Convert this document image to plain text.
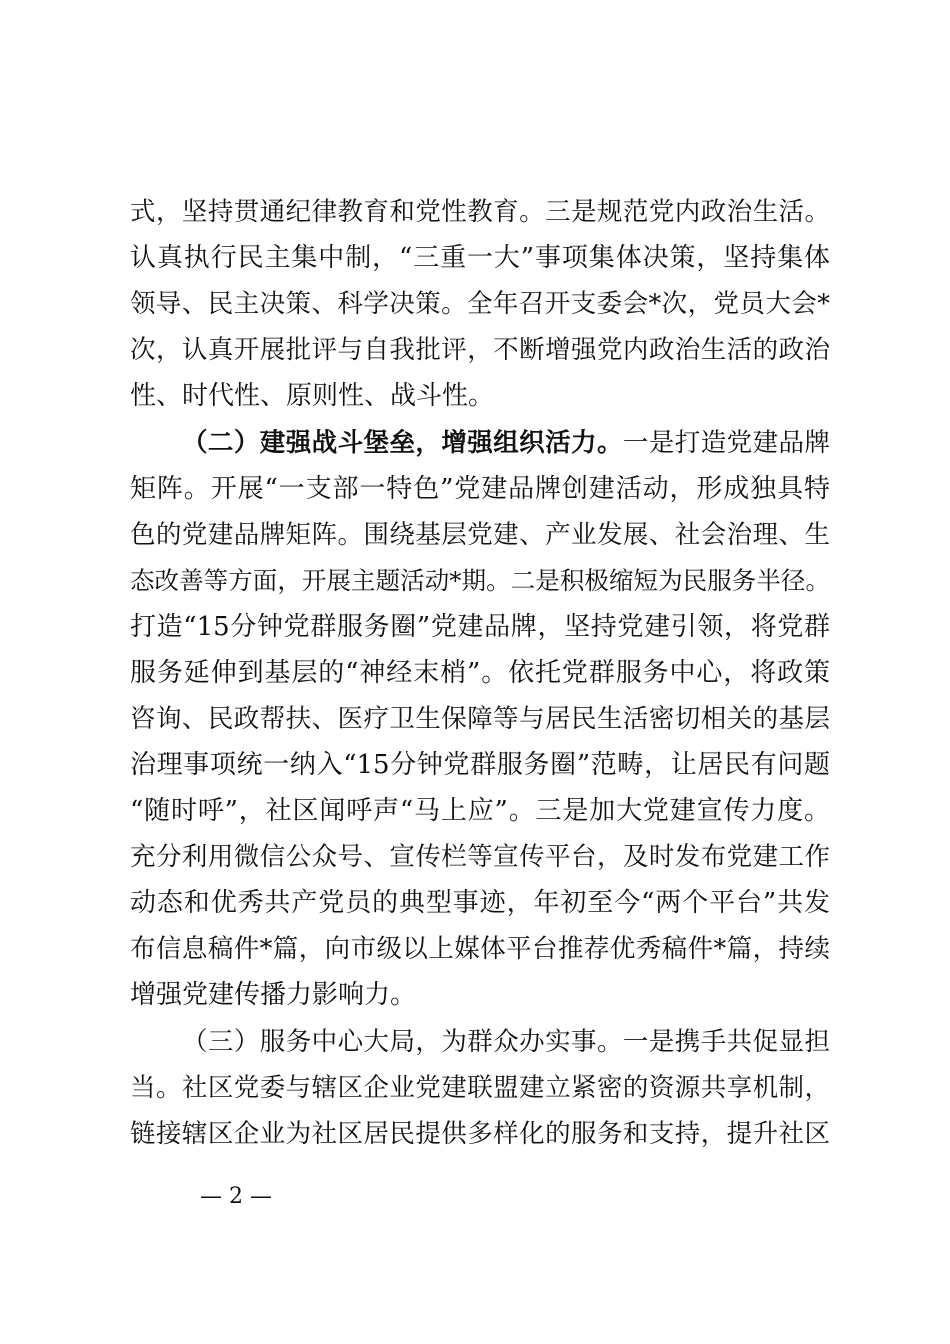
式，坚持贯通纪律教育和党性教育。三是规范党内政治生活。
认真执行民主集中制，“三重一大”事项集体决策，坚持集体
领导、民主决策、科学决策。全年召开支委会*次，党员大会*
次，认真开展批评与自我批评，不断增强党内政治生活的政治
性、时代性、原则性、战斗性。
（二）建强战斗堡垒，增强组织活力。一是打造党建品牌
矩阵。开展“一支部一特色”党建品牌创建活动，形成独具特
色的党建品牌矩阵。围绕基层党建、产业发展、社会治理、生
态改善等方面，开展主题活动*期。二是积极缩短为民服务半径。
打造“15分钟党群服务圈”党建品牌，坚持党建引领，将党群
服务延伸到基层的“神经末梢”。依托党群服务中心，将政策
咨询、民政帮扶、医疗卫生保障等与居民生活密切相关的基层
治理事项统一纳入“15分钟党群服务圈”范畴，让居民有问题
“随时呼”，社区闻呼声“马上应”。三是加大党建宣传力度。
充分利用微信公众号、宣传栏等宣传平台，及时发布党建工作
动态和优秀共产党员的典型事迹，年初至今“两个平台”共发
布信息稿件*篇，向市级以上媒体平台推荐优秀稿件*篇，持续
增强党建传播力影响力。
（三）服务中心大局，为群众办实事。一是携手共促显担
当。社区党委与辖区企业党建联盟建立紧密的资源共享机制，
链接辖区企业为社区居民提供多样化的服务和支持，提升社区
— 2 —
